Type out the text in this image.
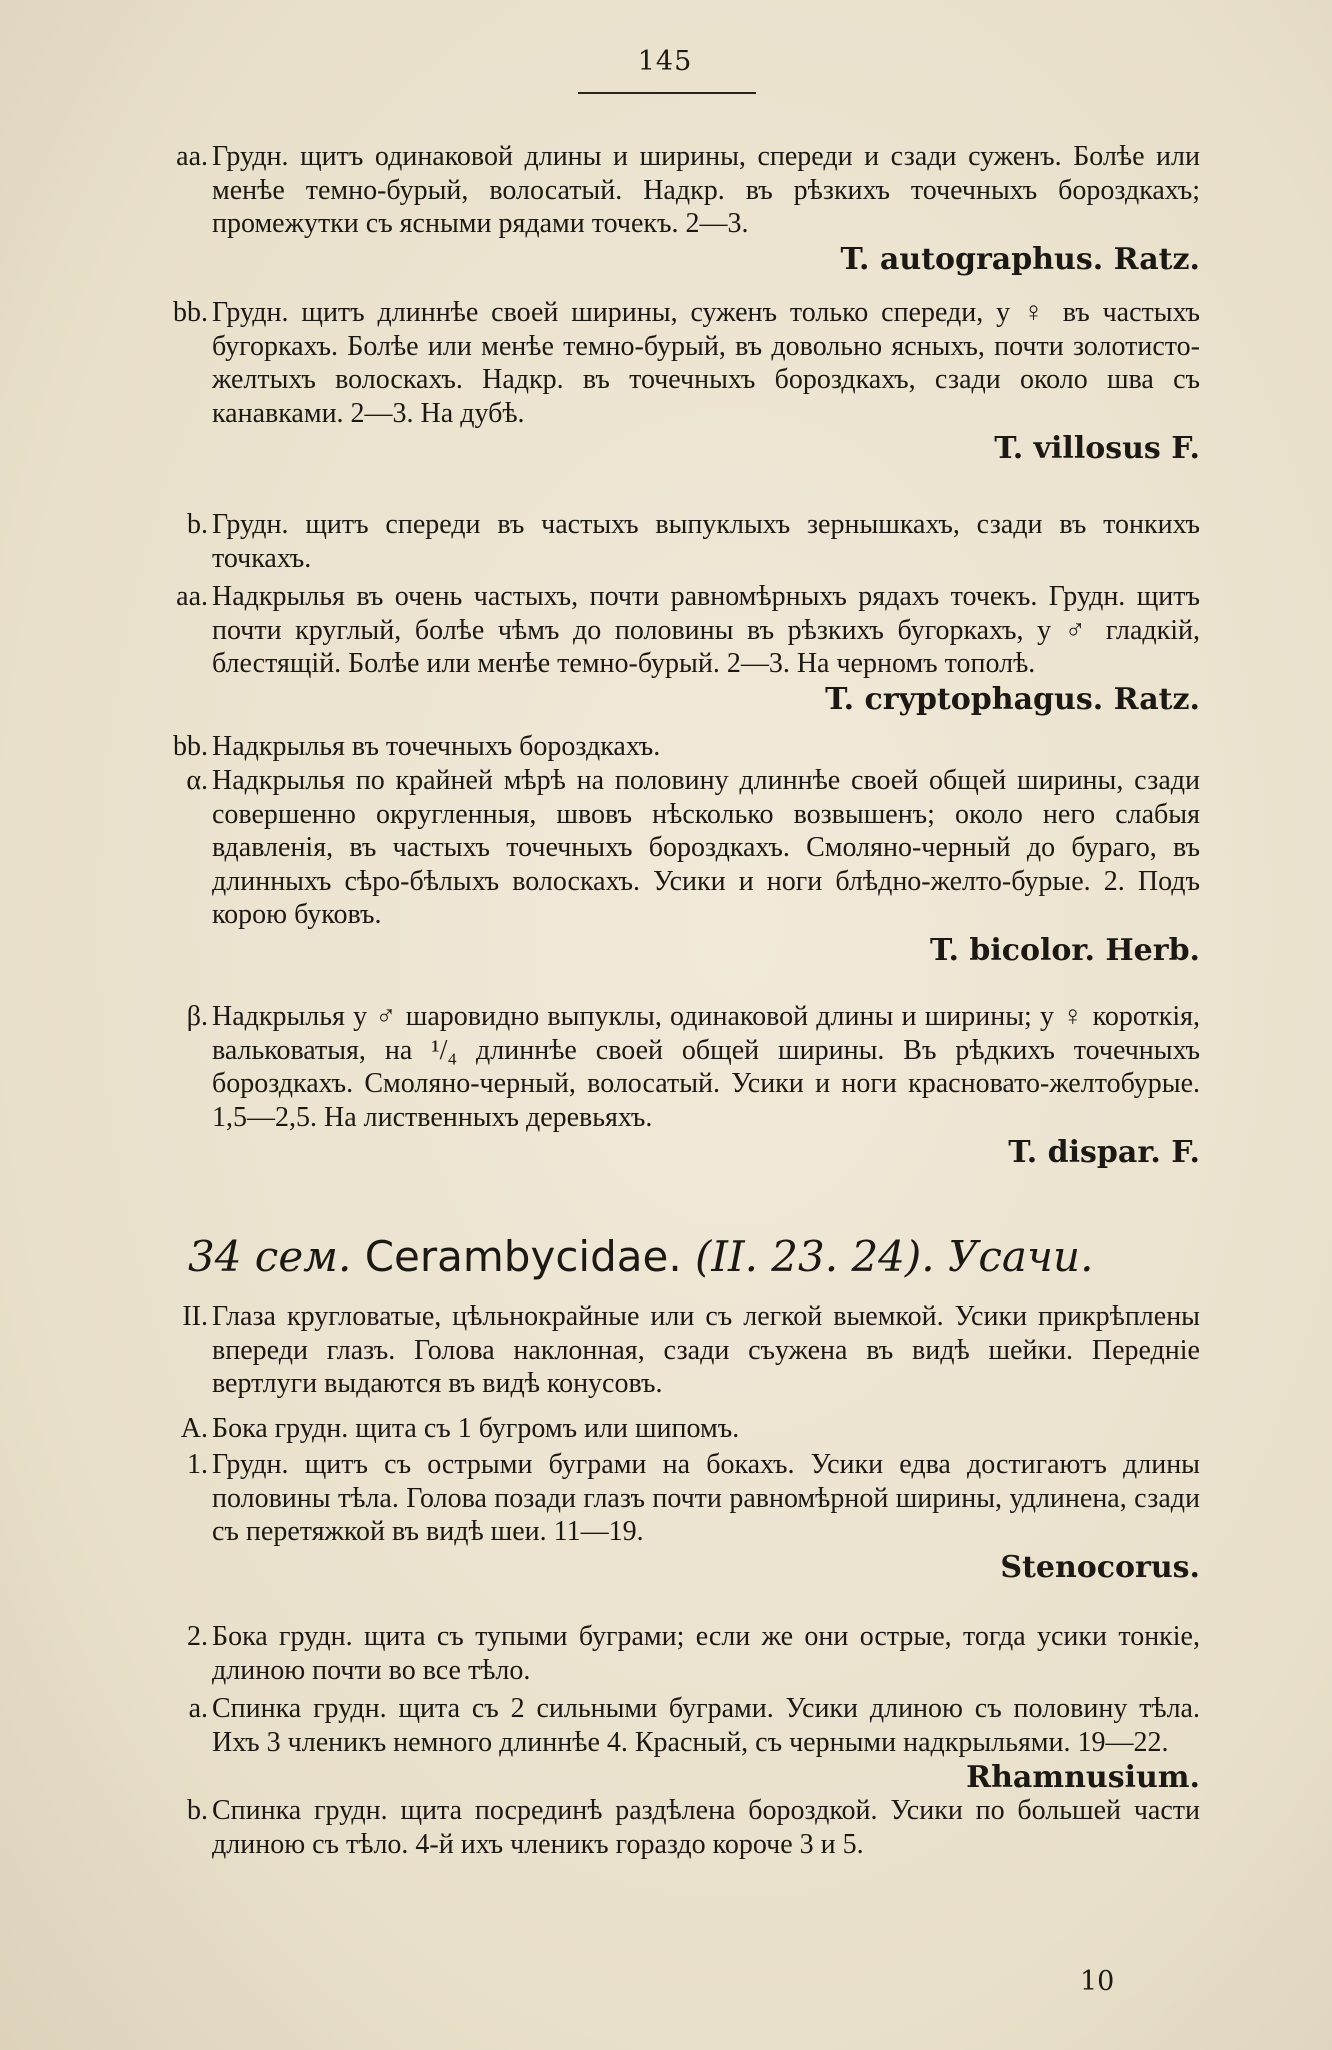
145
аа. Грудн. щитъ одинаковой длины и ширины, спереди и сзади суженъ. Болѣе или менѣе темно-бурый, волосатый. Надкр. въ рѣзкихъ точечныхъ бороздкахъ; промежутки съ ясными рядами точекъ. 2—3.
T. autographus. Ratz.
bb. Грудн. щитъ длиннѣе своей ширины, суженъ только спереди, у ♀ въ частыхъ бугоркахъ. Болѣе или менѣе темно-бурый, въ довольно ясныхъ, почти золотисто-желтыхъ волоскахъ. Надкр. въ точечныхъ бороздкахъ, сзади около шва съ канавками. 2—3. На дубѣ.
T. villosus F.
b. Грудн. щитъ спереди въ частыхъ выпуклыхъ зернышкахъ, сзади въ тонкихъ точкахъ.
аа. Надкрылья въ очень частыхъ, почти равномѣрныхъ рядахъ точекъ. Грудн. щитъ почти круглый, болѣе чѣмъ до половины въ рѣзкихъ бугоркахъ, у ♂ гладкій, блестящій. Болѣе или менѣе темно-бурый. 2—3. На черномъ тополѣ.
T. cryptophagus. Ratz.
bb. Надкрылья въ точечныхъ бороздкахъ.
α. Надкрылья по крайней мѣрѣ на половину длиннѣе своей общей ширины, сзади совершенно округленныя, швовъ нѣсколько возвышенъ; около него слабыя вдавленія, въ частыхъ точечныхъ бороздкахъ. Смоляно-черный до бураго, въ длинныхъ сѣро-бѣлыхъ волоскахъ. Усики и ноги блѣдно-желто-бурые. 2. Подъ корою буковъ.
T. bicolor. Herb.
β. Надкрылья у ♂ шаровидно выпуклы, одинаковой длины и ширины; у ♀ короткія, вальковатыя, на ¹/₄ длиннѣе своей общей ширины. Въ рѣдкихъ точечныхъ бороздкахъ. Смоляно-черный, волосатый. Усики и ноги красновато-желтобурые. 1,5—2,5. На лиственныхъ деревьяхъ.
T. dispar. F.
34 сем. Cerambycidae. (II. 23. 24). Усачи.
II. Глаза кругловатые, цѣльнокрайные или съ легкой выемкой. Усики прикрѣплены впереди глазъ. Голова наклонная, сзади съужена въ видѣ шейки. Передніе вертлуги выдаются въ видѣ конусовъ.
A. Бока грудн. щита съ 1 бугромъ или шипомъ.
1. Грудн. щитъ съ острыми буграми на бокахъ. Усики едва достигаютъ длины половины тѣла. Голова позади глазъ почти равномѣрной ширины, удлинена, сзади съ перетяжкой въ видѣ шеи. 11—19.
Stenocorus.
2. Бока грудн. щита съ тупыми буграми; если же они острые, тогда усики тонкіе, длиною почти во все тѣло.
a. Спинка грудн. щита съ 2 сильными буграми. Усики длиною съ половину тѣла. Ихъ 3 члeникъ немного длиннѣе 4. Красный, съ черными надкрыльями. 19—22.
Rhamnusium.
b. Спинка грудн. щита посрединѣ раздѣлена бороздкой. Усики по большей части длиною съ тѣло. 4-й ихъ членикъ гораздо короче 3 и 5.
10
